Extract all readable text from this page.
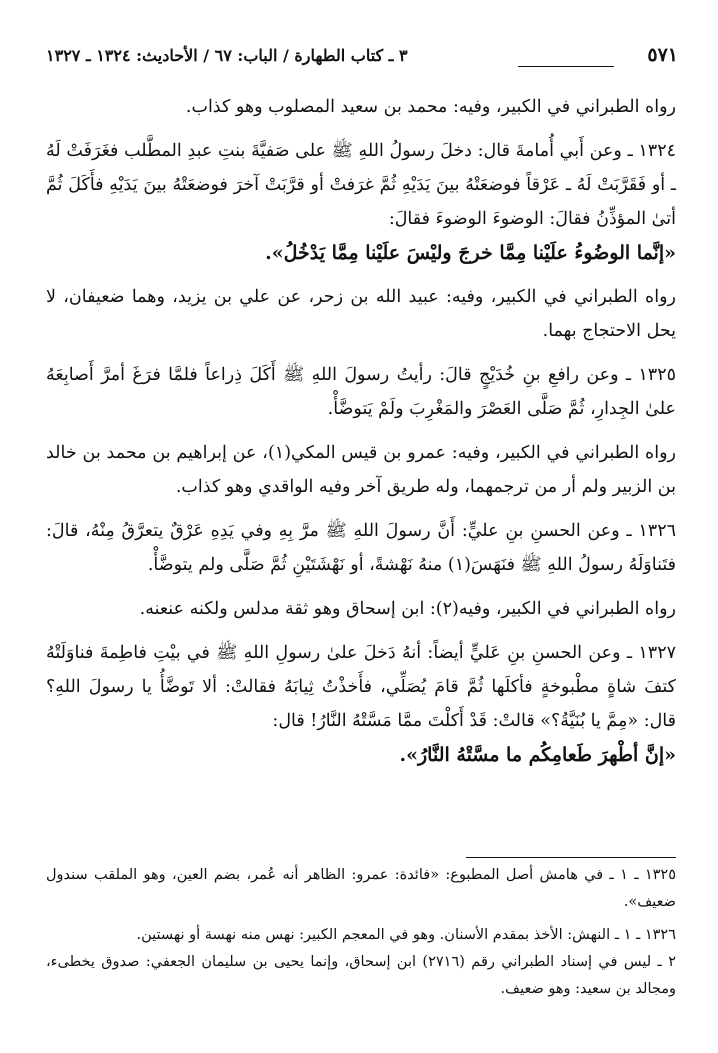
٥٧١
٣ ـ كتاب الطهارة / الباب: ٦٧ / الأحاديث: ١٣٢٤ ـ ١٣٢٧

رواه الطبراني في الكبير، وفيه: محمد بن سعيد المصلوب وهو كذاب.

١٣٢٤ ـ وعن أَبي أُمامةَ قال: دخلَ رسولُ اللهِ ﷺ على صَفيَّةَ بنتِ عبدِ المطَّلب فغَرَفَتْ لَهُ ـ أو فَقَرَّبَتْ لَهُ ـ عَرْقاً فوضعَتْهُ بينَ يَدَيْهِ ثُمَّ غرَفتْ أو قرَّبَتْ آخرَ فوضعَتْهُ بينَ يَدَيْهِ فأَكَلَ ثُمَّ أتىٰ المؤذِّنُ فقالَ: الوضوءَ الوضوءَ فقالَ:

«إنَّما الوضُوءُ علَيْنا مِمَّا خرجَ وليْسَ علَيْنا مِمَّا يَدْخُلُ».

رواه الطبراني في الكبير، وفيه: عبيد الله بن زحر، عن علي بن يزيد، وهما ضعيفان، لا يحل الاحتجاج بهما.

١٣٢٥ ـ وعن رافعِ بنِ خُدَيْجٍ قالَ: رأيتُ رسولَ اللهِ ﷺ أَكَلَ ذِراعاً فلمَّا فرَغَ أمرَّ أَصابِعَهُ علىٰ الجِدارِ، ثُمَّ صَلَّى العَصْرَ والمَغْرِبَ ولَمْ يَتوضَّأْ.

رواه الطبراني في الكبير، وفيه: عمرو بن قيس المكي(١)، عن إبراهيم بن محمد بن خالد بن الزبير ولم أر من ترجمهما، وله طريق آخر وفيه الواقدي وهو كذاب.

١٣٢٦ ـ وعن الحسنِ بنِ عليٍّ: أَنَّ رسولَ اللهِ ﷺ مرَّ بِهِ وفي يَدِهِ عَرْقٌ يتعرَّقُ مِنْهُ، قالَ: فتَناوَلَهُ رسولُ اللهِ ﷺ فنَهَسَ(١) منهُ نَهْشةً، أو نَهْشَتَيْنِ ثُمَّ صَلَّى ولم يتوضَّأْ.

رواه الطبراني في الكبير، وفيه(٢): ابن إسحاق وهو ثقة مدلس ولكنه عنعنه.

١٣٢٧ ـ وعن الحسنِ بنِ عَليٍّ أيضاً: أنهُ دَخلَ علىٰ رسولِ اللهِ ﷺ في بيْتِ فاطِمةَ فناوَلَتْهُ كتفَ شاةٍ مطْبوخةٍ فأكلَها ثُمَّ قامَ يُصَلِّي، فأَخذْتُ ثِيابَهُ فقالتْ: ألا تَوضَّأُ يا رسولَ اللهِ؟ قال: «مِمَّ يا بُنَيَّةُ؟» قالتْ: قَدْ أَكلْتَ ممَّا مَسَّتْهُ النَّارُ! قال:

«إنَّ أطْهرَ طَعامِكُم ما مسَّتْهُ النَّارُ».

١٣٢٥ ـ ١ ـ في هامش أصل المطبوع: «فائدة: عمرو: الظاهر أنه عُمر، بضم العين، وهو الملقب سندول ضعيف».

١٣٢٦ ـ ١ ـ النهش: الأخذ بمقدم الأسنان. وهو في المعجم الكبير: نهس منه نهسة أو نهستين.

٢ ـ ليس في إسناد الطبراني رقم (٢٧١٦) ابن إسحاق، وإنما يحيى بن سليمان الجعفي: صدوق يخطىء، ومجالد بن سعيد: وهو ضعيف.
